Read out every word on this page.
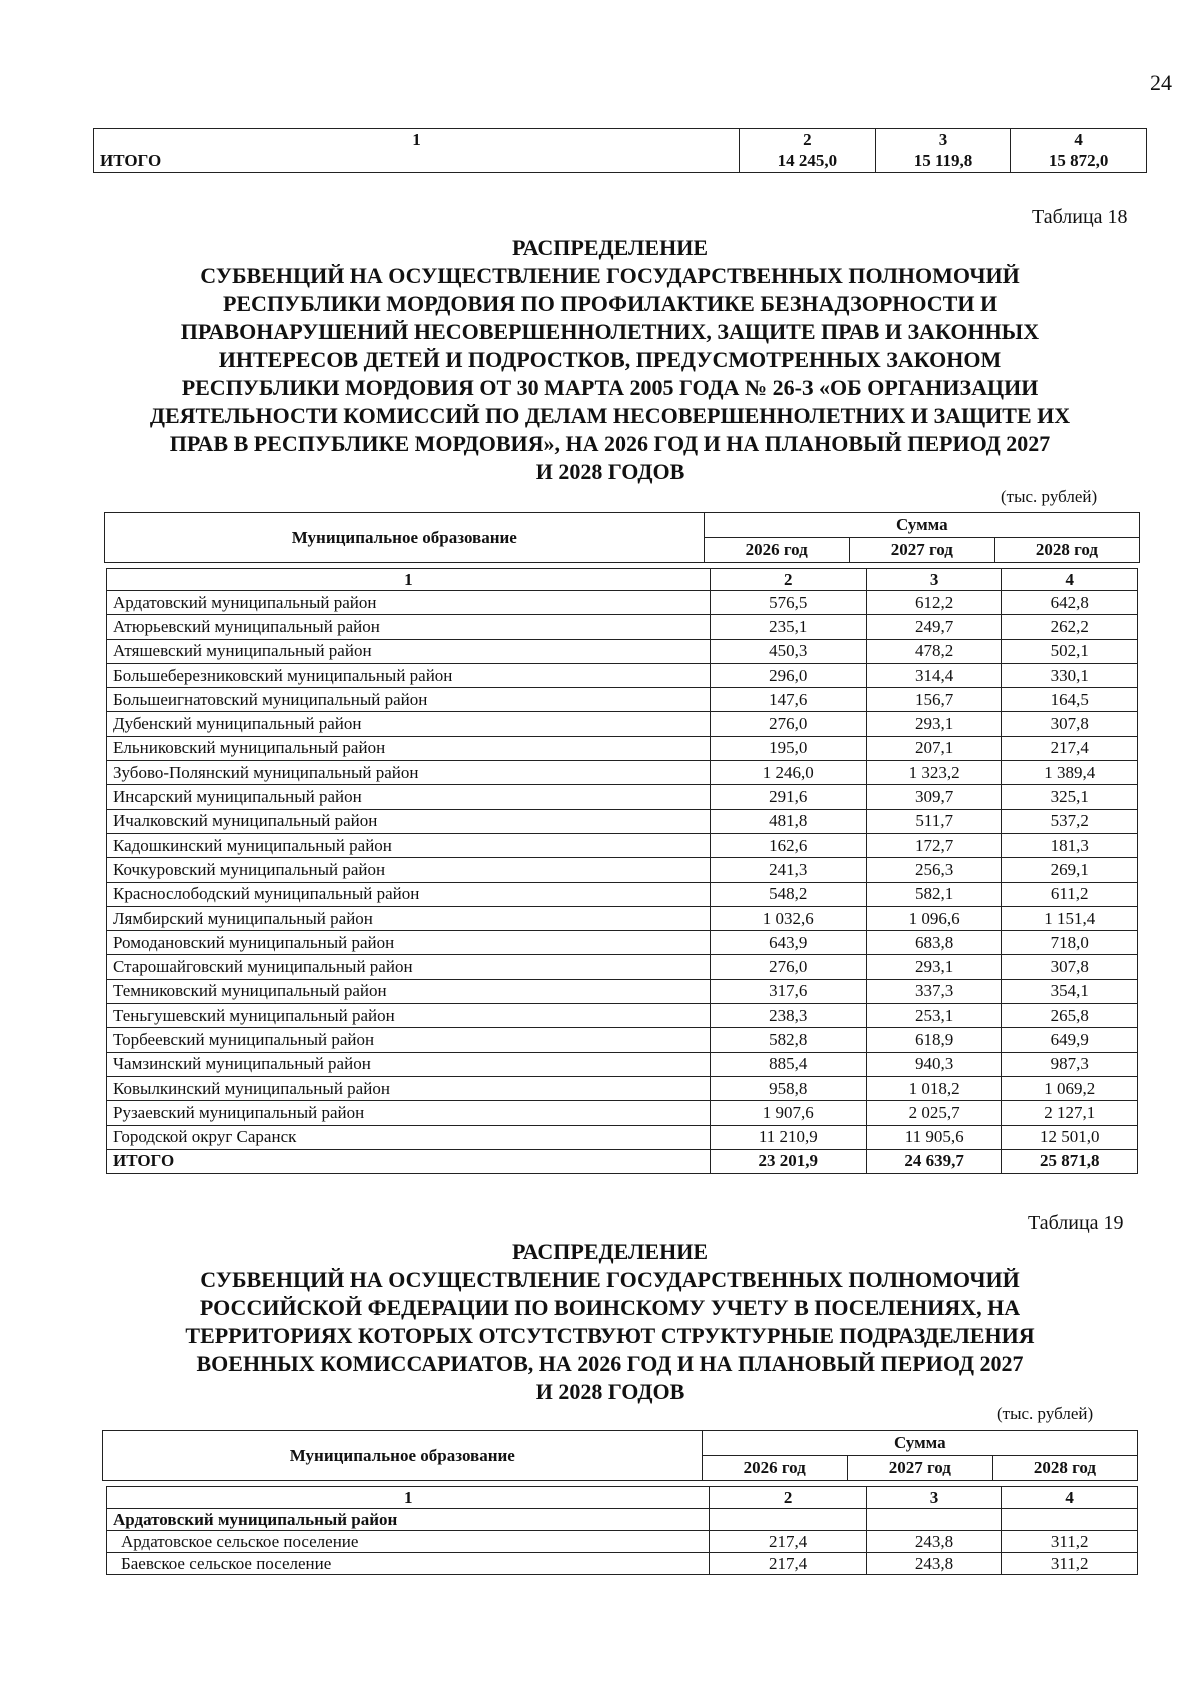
24
1	2	3	4
ИТОГО	14 245,0	15 119,8	15 872,0
Таблица 18
РАСПРЕДЕЛЕНИЕ
СУБВЕНЦИЙ НА ОСУЩЕСТВЛЕНИЕ ГОСУДАРСТВЕННЫХ ПОЛНОМОЧИЙ
РЕСПУБЛИКИ МОРДОВИЯ ПО ПРОФИЛАКТИКЕ БЕЗНАДЗОРНОСТИ И
ПРАВОНАРУШЕНИЙ НЕСОВЕРШЕННОЛЕТНИХ, ЗАЩИТЕ ПРАВ И ЗАКОННЫХ
ИНТЕРЕСОВ ДЕТЕЙ И ПОДРОСТКОВ, ПРЕДУСМОТРЕННЫХ ЗАКОНОМ
РЕСПУБЛИКИ МОРДОВИЯ ОТ 30 МАРТА 2005 ГОДА № 26-З «ОБ ОРГАНИЗАЦИИ
ДЕЯТЕЛЬНОСТИ КОМИССИЙ ПО ДЕЛАМ НЕСОВЕРШЕННОЛЕТНИХ И ЗАЩИТЕ ИХ
ПРАВ В РЕСПУБЛИКЕ МОРДОВИЯ», НА 2026 ГОД И НА ПЛАНОВЫЙ ПЕРИОД 2027
И 2028 ГОДОВ
(тыс. рублей)
Муниципальное образование	Сумма		
	2026 год	2027 год	2028 год
1	2	3	4
Ардатовский муниципальный район	576,5	612,2	642,8
Атюрьевский муниципальный район	235,1	249,7	262,2
Атяшевский муниципальный район	450,3	478,2	502,1
Большеберезниковский муниципальный район	296,0	314,4	330,1
Большеигнатовский муниципальный район	147,6	156,7	164,5
Дубенский муниципальный район	276,0	293,1	307,8
Ельниковский муниципальный район	195,0	207,1	217,4
Зубово-Полянский муниципальный район	1 246,0	1 323,2	1 389,4
Инсарский муниципальный район	291,6	309,7	325,1
Ичалковский муниципальный район	481,8	511,7	537,2
Кадошкинский муниципальный район	162,6	172,7	181,3
Кочкуровский муниципальный район	241,3	256,3	269,1
Краснослободский муниципальный район	548,2	582,1	611,2
Лямбирский муниципальный район	1 032,6	1 096,6	1 151,4
Ромодановский муниципальный район	643,9	683,8	718,0
Старошайговский муниципальный район	276,0	293,1	307,8
Темниковский муниципальный район	317,6	337,3	354,1
Теньгушевский муниципальный район	238,3	253,1	265,8
Торбеевский муниципальный район	582,8	618,9	649,9
Чамзинский муниципальный район	885,4	940,3	987,3
Ковылкинский муниципальный район	958,8	1 018,2	1 069,2
Рузаевский муниципальный район	1 907,6	2 025,7	2 127,1
Городской округ Саранск	11 210,9	11 905,6	12 501,0
ИТОГО	23 201,9	24 639,7	25 871,8
Таблица 19
РАСПРЕДЕЛЕНИЕ
СУБВЕНЦИЙ НА ОСУЩЕСТВЛЕНИЕ ГОСУДАРСТВЕННЫХ ПОЛНОМОЧИЙ
РОССИЙСКОЙ ФЕДЕРАЦИИ ПО ВОИНСКОМУ УЧЕТУ В ПОСЕЛЕНИЯХ, НА
ТЕРРИТОРИЯХ КОТОРЫХ ОТСУТСТВУЮТ СТРУКТУРНЫЕ ПОДРАЗДЕЛЕНИЯ
ВОЕННЫХ КОМИССАРИАТОВ, НА 2026 ГОД И НА ПЛАНОВЫЙ ПЕРИОД 2027
И 2028 ГОДОВ
(тыс. рублей)
Муниципальное образование	Сумма		
	2026 год	2027 год	2028 год
1	2	3	4
Ардатовский муниципальный район			
Ардатовское сельское поселение	217,4	243,8	311,2
Баевское сельское поселение	217,4	243,8	311,2
